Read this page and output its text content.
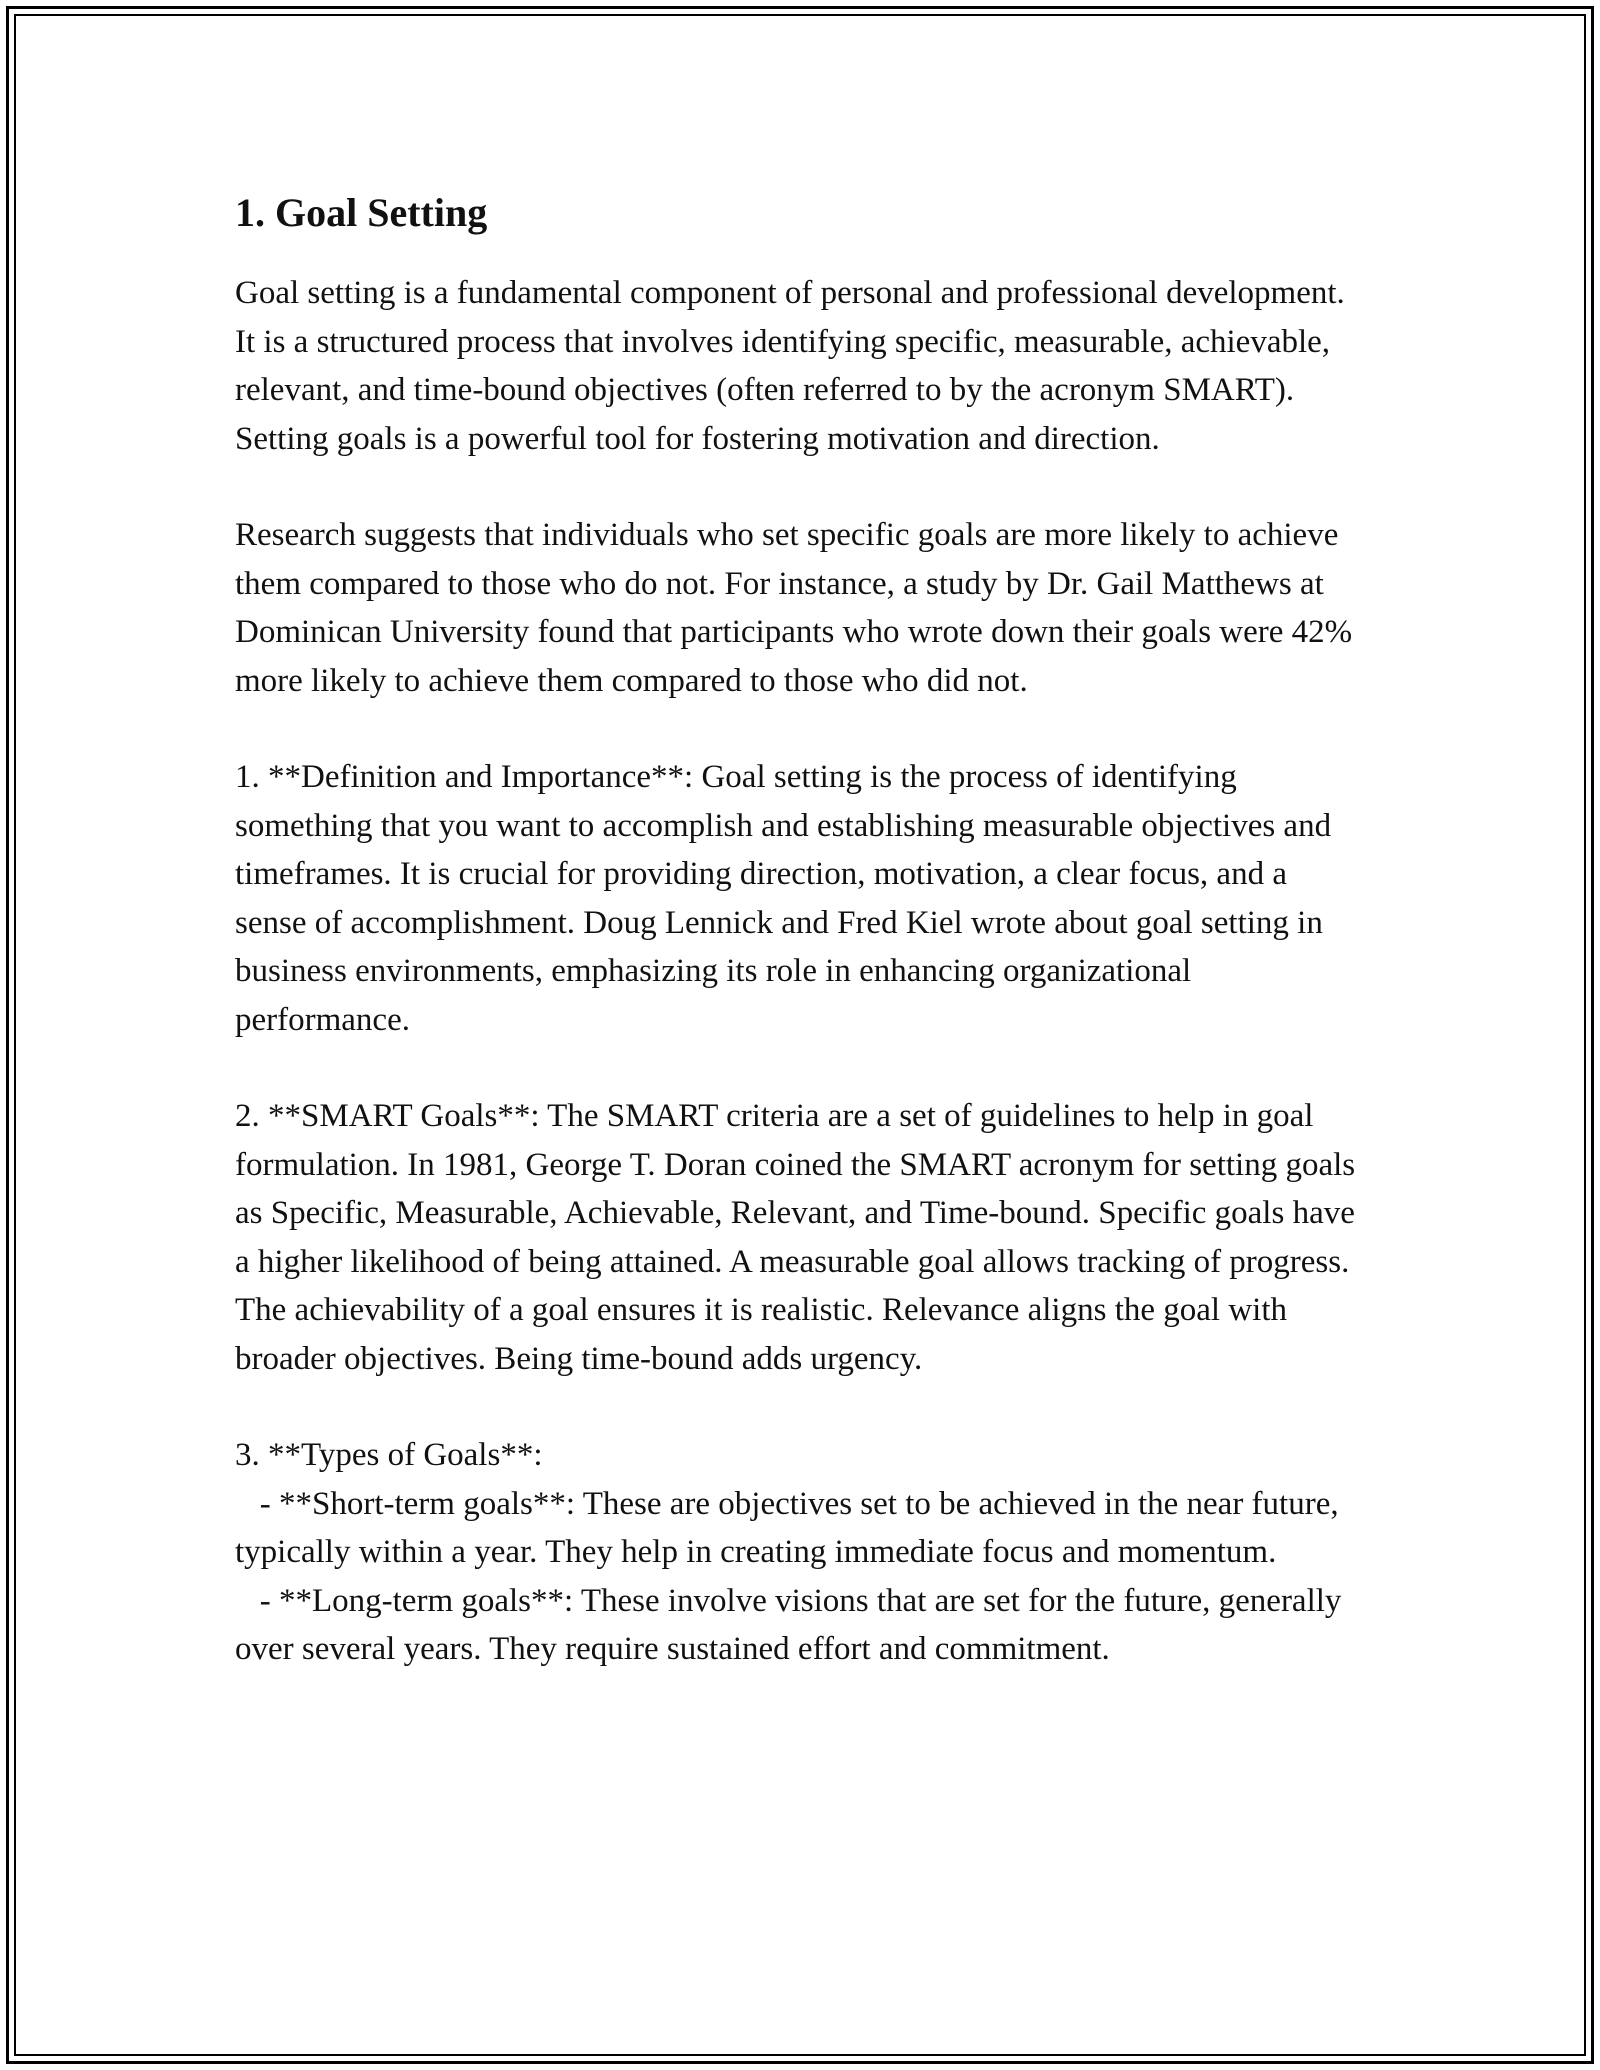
1. Goal Setting

Goal setting is a fundamental component of personal and professional development. It is a structured process that involves identifying specific, measurable, achievable, relevant, and time-bound objectives (often referred to by the acronym SMART). Setting goals is a powerful tool for fostering motivation and direction.

Research suggests that individuals who set specific goals are more likely to achieve them compared to those who do not. For instance, a study by Dr. Gail Matthews at Dominican University found that participants who wrote down their goals were 42% more likely to achieve them compared to those who did not.

1. **Definition and Importance**: Goal setting is the process of identifying something that you want to accomplish and establishing measurable objectives and timeframes. It is crucial for providing direction, motivation, a clear focus, and a sense of accomplishment. Doug Lennick and Fred Kiel wrote about goal setting in business environments, emphasizing its role in enhancing organizational performance.

2. **SMART Goals**: The SMART criteria are a set of guidelines to help in goal formulation. In 1981, George T. Doran coined the SMART acronym for setting goals as Specific, Measurable, Achievable, Relevant, and Time-bound. Specific goals have a higher likelihood of being attained. A measurable goal allows tracking of progress. The achievability of a goal ensures it is realistic. Relevance aligns the goal with broader objectives. Being time-bound adds urgency.

3. **Types of Goals**:
- **Short-term goals**: These are objectives set to be achieved in the near future, typically within a year. They help in creating immediate focus and momentum.
- **Long-term goals**: These involve visions that are set for the future, generally over several years. They require sustained effort and commitment.
